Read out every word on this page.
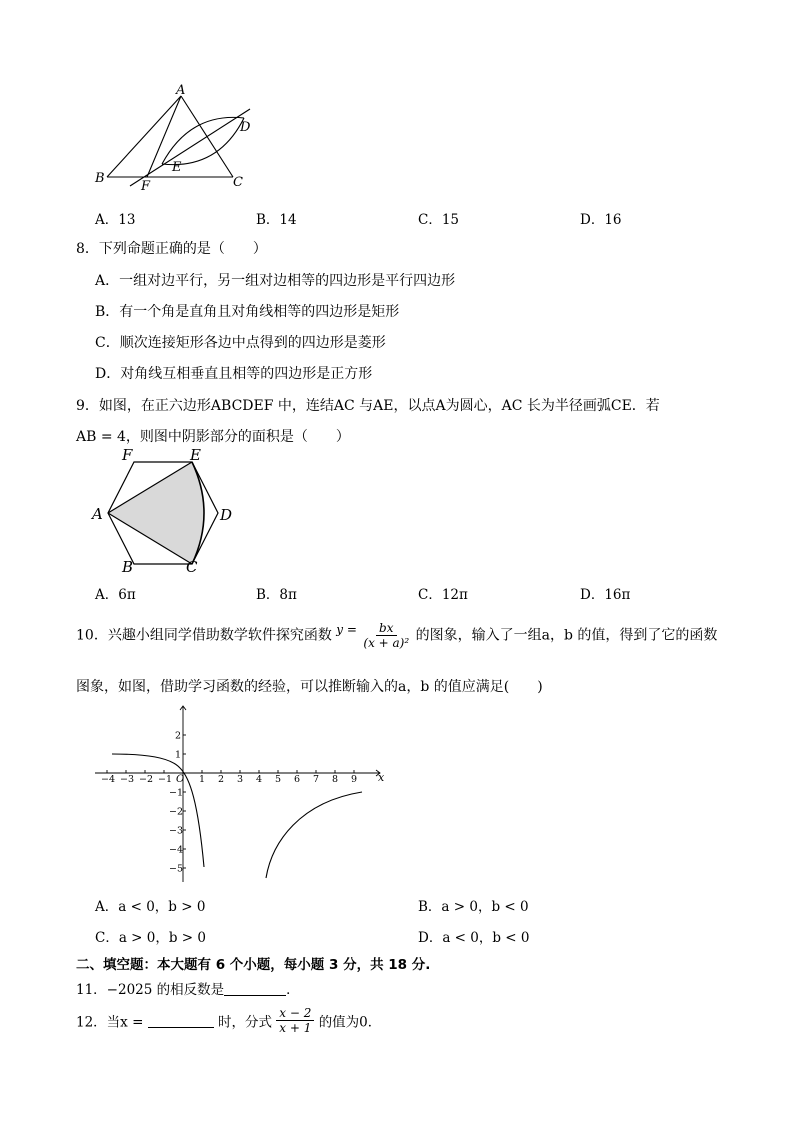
A
B	C
D
E
F
A．13	B．14	C．15	D．16
8．下列命题正确的是（　　）
A．一组对边平行，另一组对边相等的四边形是平行四边形
B．有一个角是直角且对角线相等的四边形是矩形
C．顺次连接矩形各边中点得到的四边形是菱形
D．对角线互相垂直且相等的四边形是正方形
9．如图，在正六边形ABCDEF 中，连结AC 与AE，以点A为圆心，AC 长为半径画弧CE．若
AB = 4，则图中阴影部分的面积是（　　）
A
B	C
D
E
F
A．6π	B．8π	C．12π	D．16π
10．兴趣小组同学借助数学软件探究函数 $y = \frac{bx}{\text{(x + a)²}}$ 的图象，输入了一组a，b 的值，得到了它的函数
图象，如图，借助学习函数的经验，可以推断输入的a，b 的值应满足(　　)
−4 −3 −2 −1	1 2 3 4 5 6 7 8 9
2
1
−1
−2
−3
−4
−5
x
O
A．a < 0，b > 0	B．a > 0，b < 0
C．a > 0，b > 0	D．a < 0，b < 0
二、填空题：本大题有 6 个小题，每小题 3 分，共 18 分.
11．−2025 的相反数是	．
12．当x =	时，分式 $\frac{x - 2}{x + 1}$ 的值为0．
